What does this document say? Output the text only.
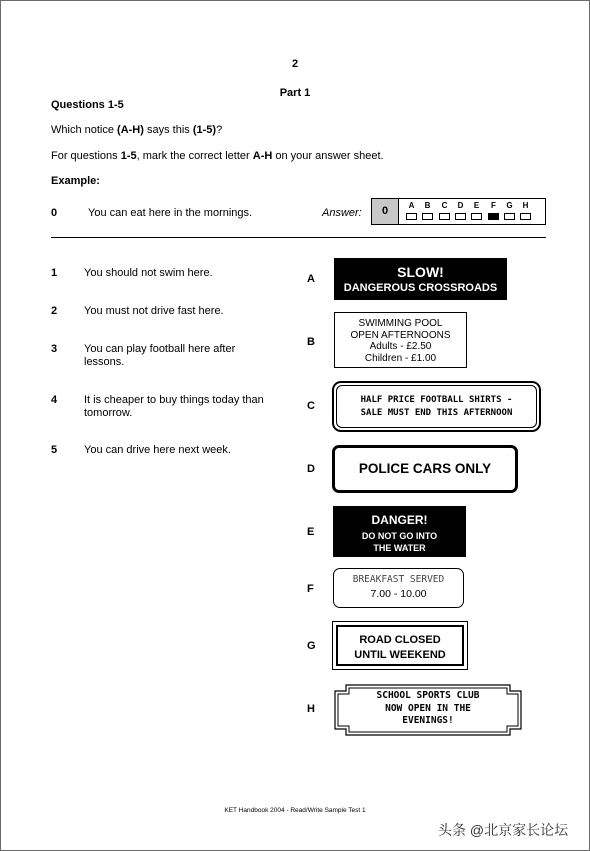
2
Part 1
Questions 1-5
Which notice (A-H) says this (1-5)?
For questions 1-5, mark the correct letter A-H on your answer sheet.
Example:
0	You can eat here in the mornings.	Answer:	0	A	B	C	D	E	F	G	H
1 You should not swim here.
2 You must not drive fast here.
3 You can play football here after lessons.
4 It is cheaper to buy things today than tomorrow.
5 You can drive here next week.
A	SLOW!
DANGEROUS CROSSROADS
B
SWIMMING POOL
OPEN AFTERNOONS
Adults - £2.50
Children - £1.00
C	HALF PRICE FOOTBALL SHIRTS -
SALE MUST END THIS AFTERNOON
D	POLICE CARS ONLY
E
DANGER!
DO NOT GO INTO
THE WATER
F
BREAKFAST SERVED
7.00 - 10.00
G	ROAD CLOSED
UNTIL WEEKEND
H
SCHOOL SPORTS CLUB
NOW OPEN IN THE
EVENINGS!
KET Handbook 2004 - Read/Write Sample Test 1
头条 @北京家长论坛
